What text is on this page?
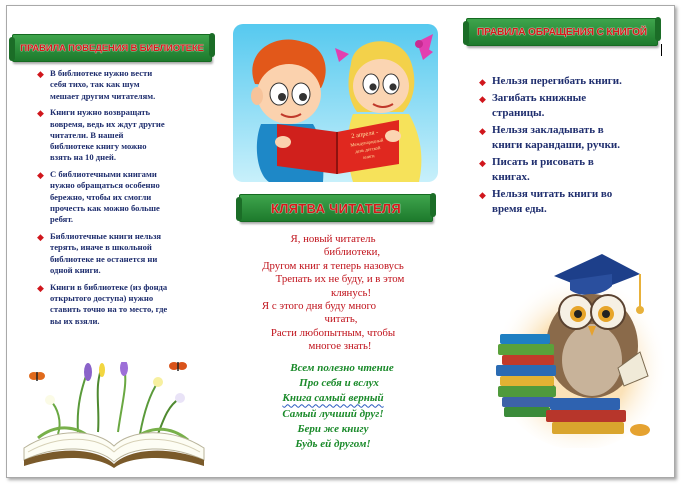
ПРАВИЛА ПОВЕДЕНИЯ В БИБЛИОТЕКЕ
◆ В библиотеке нужно вести
себя тихо, так как шум
мешает другим читателям.
◆ Книги нужно возвращать
вовремя, ведь их ждут другие
читатели. В нашей
библиотеке книгу можно
взять на 10 дней.
◆ С библиотечными книгами
нужно обращаться особенно
бережно, чтобы их смогли
прочесть как можно больше
ребят.
◆ Библиотечные книги нельзя
терять, иначе в школьной
библиотеке не останется ни
одной книги.
◆ Книги в библиотеке (из фонда
открытого доступа) нужно
ставить точно на то место, где
вы их взяли.
2 апреля -
Международный
день детской
книги
КЛЯТВА ЧИТАТЕЛЯ
Я, новый читатель
библиотеки,
Другом книг я теперь назовусь
Трепать их не буду, и в этом
клянусь!
Я с этого дня буду много
читать,
Расти любопытным, чтобы
многое знать!
Всем полезно чтение
Про себя и вслух
Книга самый верный
Самый лучший друг!
Бери же книгу
Будь ей другом!
ПРАВИЛА ОБРАЩЕНИЯ С КНИГОЙ
◆ Нельзя перегибать книги.
◆ Загибать книжные
страницы.
◆ Нельзя закладывать в
книги карандаши, ручки.
◆ Писать и рисовать в
книгах.
◆ Нельзя читать книги во
время еды.
